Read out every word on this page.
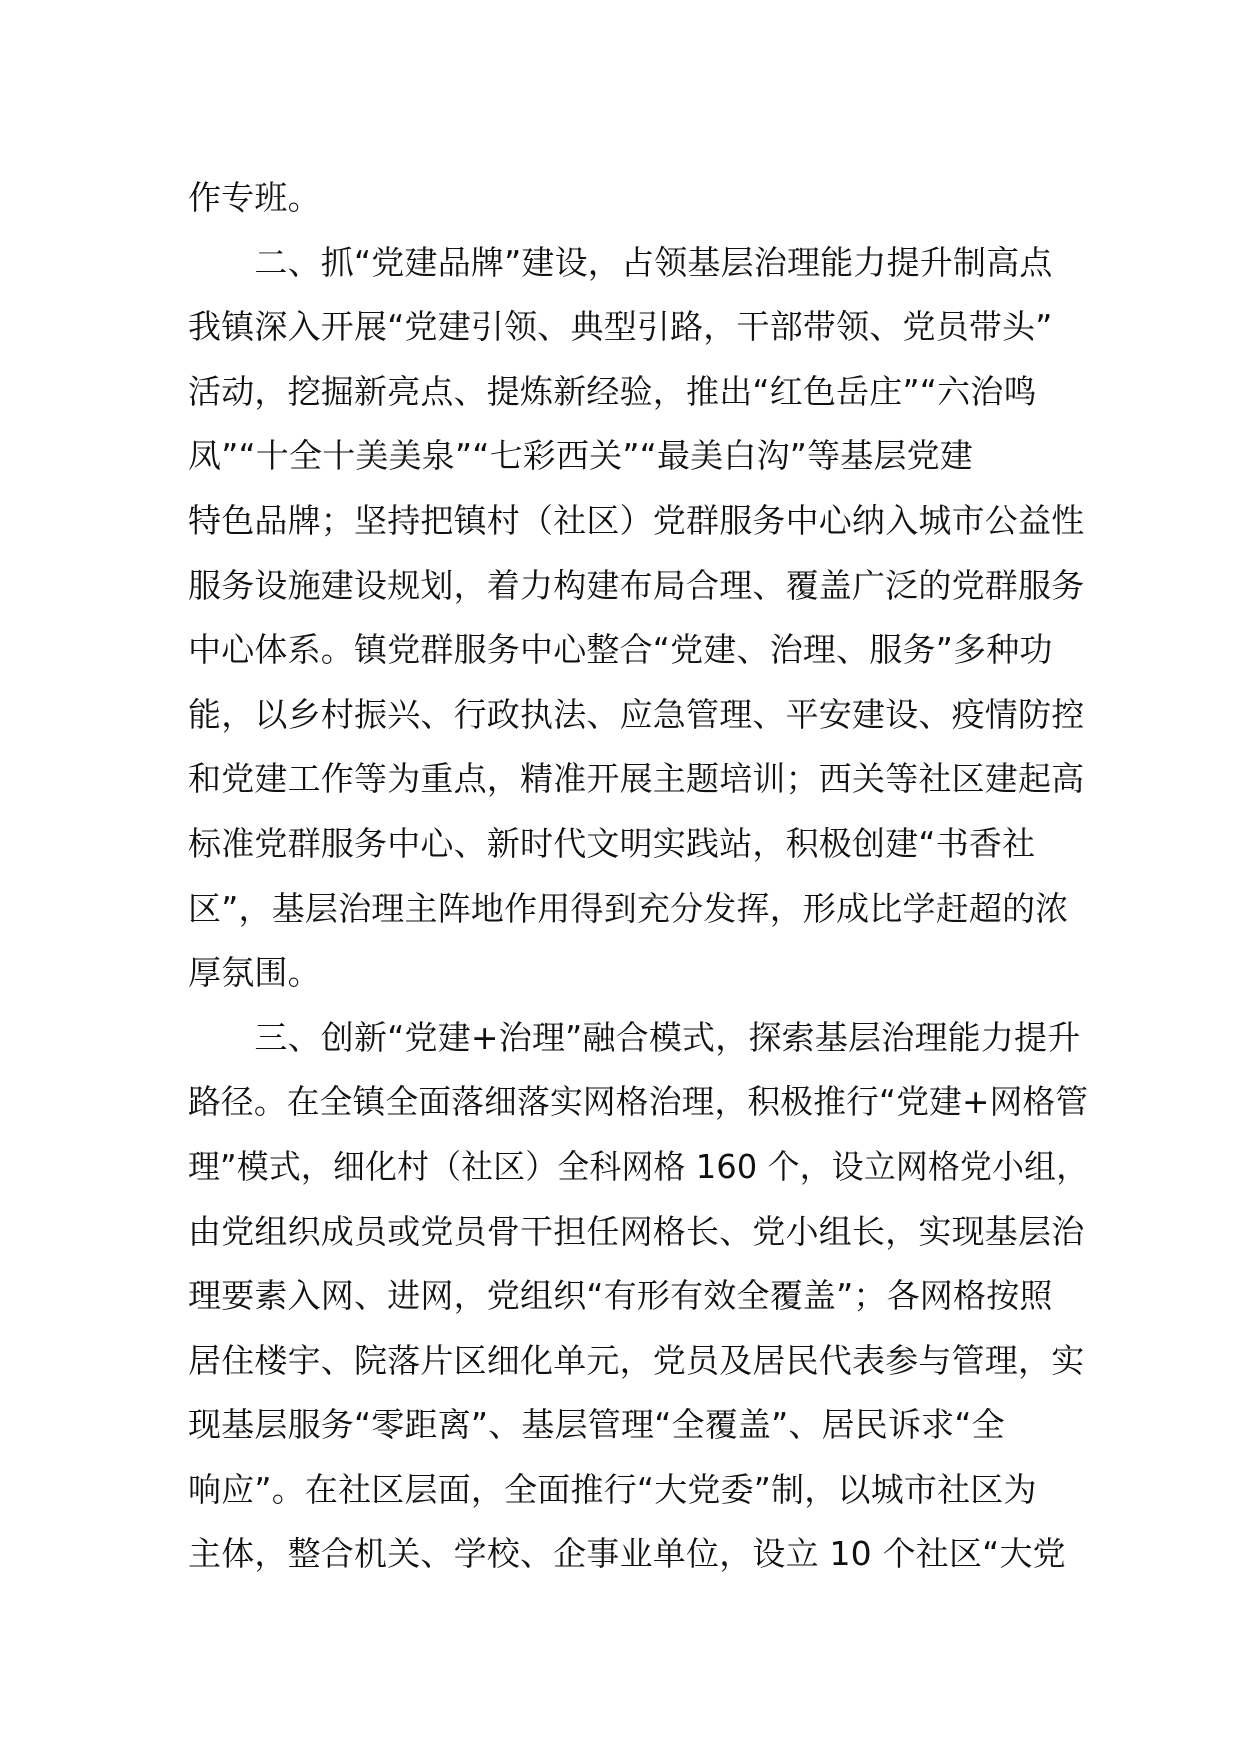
作专班。
　　二、抓“党建品牌”建设，占领基层治理能力提升制高点
我镇深入开展“党建引领、典型引路，干部带领、党员带头”
活动，挖掘新亮点、提炼新经验，推出“红色岳庄”“六治鸣
凤”“十全十美美泉”“七彩西关”“最美白沟”等基层党建
特色品牌；坚持把镇村（社区）党群服务中心纳入城市公益性
服务设施建设规划，着力构建布局合理、覆盖广泛的党群服务
中心体系。镇党群服务中心整合“党建、治理、服务”多种功
能，以乡村振兴、行政执法、应急管理、平安建设、疫情防控
和党建工作等为重点，精准开展主题培训；西关等社区建起高
标准党群服务中心、新时代文明实践站，积极创建“书香社
区”，基层治理主阵地作用得到充分发挥，形成比学赶超的浓
厚氛围。
　　三、创新“党建+治理”融合模式，探索基层治理能力提升
路径。在全镇全面落细落实网格治理，积极推行“党建+网格管
理”模式，细化村（社区）全科网格 160 个，设立网格党小组，
由党组织成员或党员骨干担任网格长、党小组长，实现基层治
理要素入网、进网，党组织“有形有效全覆盖”；各网格按照
居住楼宇、院落片区细化单元，党员及居民代表参与管理，实
现基层服务“零距离”、基层管理“全覆盖”、居民诉求“全
响应”。在社区层面，全面推行“大党委”制，以城市社区为
主体，整合机关、学校、企事业单位，设立 10 个社区“大党
